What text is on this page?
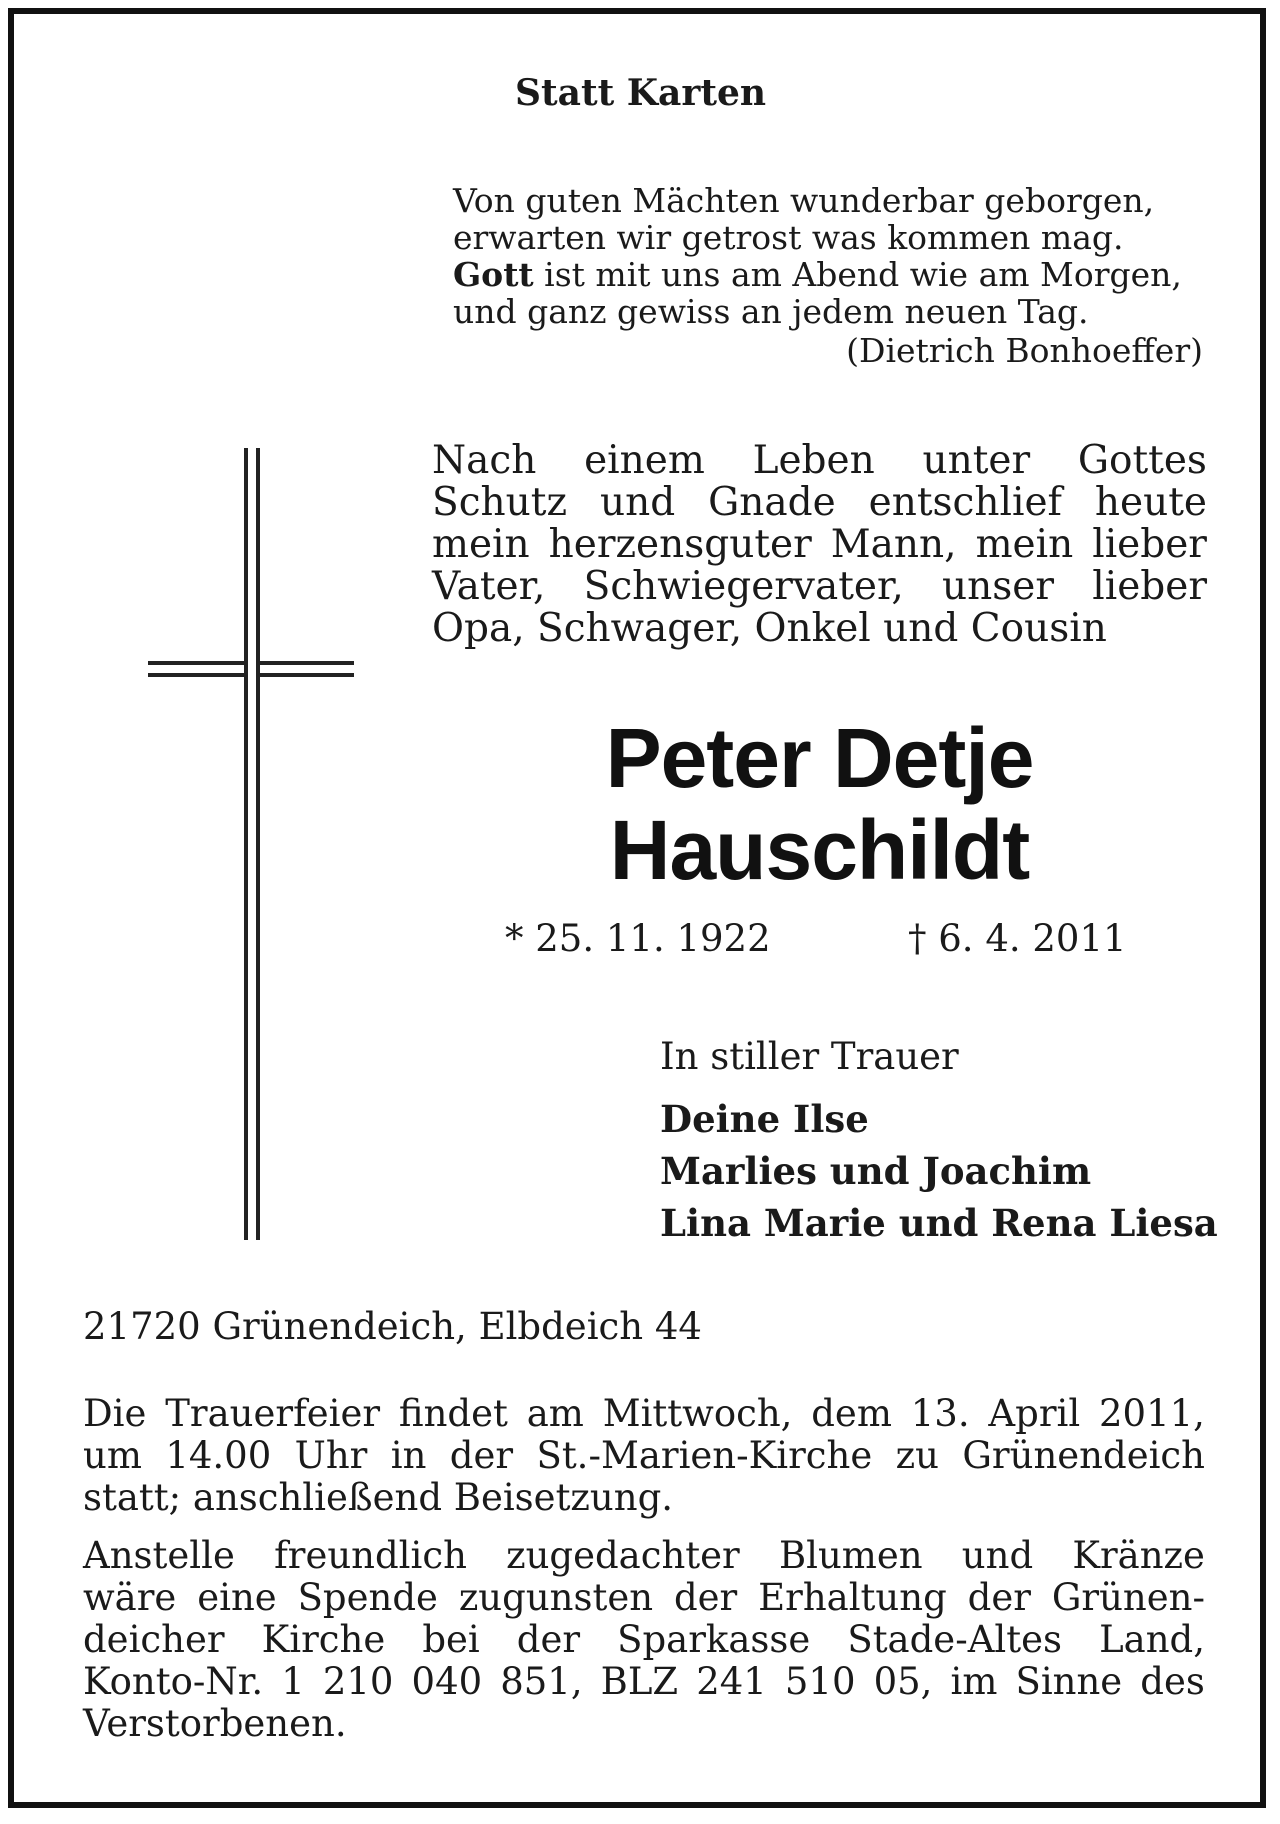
Statt Karten
Von guten Mächten wunderbar geborgen,
erwarten wir getrost was kommen mag.
Gott ist mit uns am Abend wie am Morgen,
und ganz gewiss an jedem neuen Tag.
(Dietrich Bonhoeffer)
Nach einem Leben unter Gottes
Schutz und Gnade entschlief heute
mein herzensguter Mann, mein lieber
Vater, Schwiegervater, unser lieber
Opa, Schwager, Onkel und Cousin
Peter Detje
Hauschildt
* 25. 11. 1922	† 6. 4. 2011
In stiller Trauer
Deine Ilse
Marlies und Joachim
Lina Marie und Rena Liesa
21720 Grünendeich, Elbdeich 44
Die Trauerfeier findet am Mittwoch, dem 13. April 2011,
um 14.00 Uhr in der St.-Marien-Kirche zu Grünendeich
statt; anschließend Beisetzung.
Anstelle freundlich zugedachter Blumen und Kränze
wäre eine Spende zugunsten der Erhaltung der Grünen-
deicher Kirche bei der Sparkasse Stade-Altes Land,
Konto-Nr. 1 210 040 851, BLZ 241 510 05, im Sinne des
Verstorbenen.
